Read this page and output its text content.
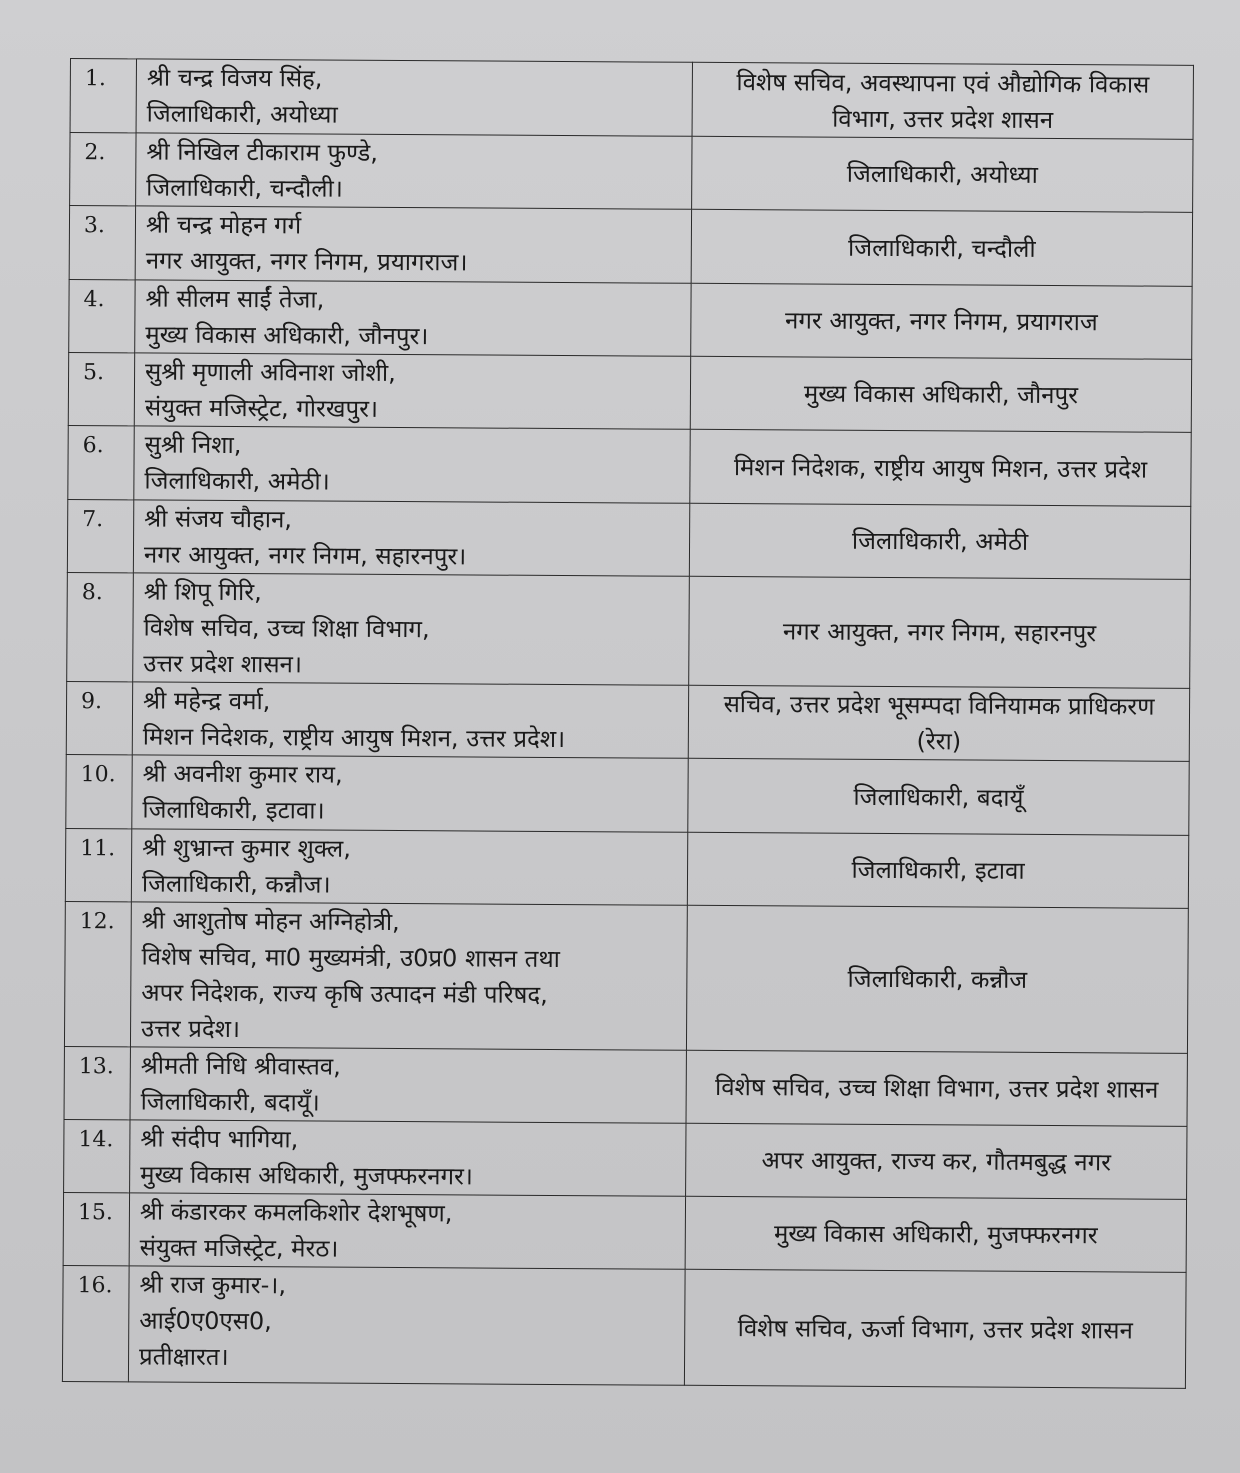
1.	श्री चन्द्र विजय सिंह,
जिलाधिकारी, अयोध्या	विशेष सचिव, अवस्थापना एवं औद्योगिक विकास विभाग, उत्तर प्रदेश शासन
2.	श्री निखिल टीकाराम फुण्डे,
जिलाधिकारी, चन्दौली।	जिलाधिकारी, अयोध्या
3.	श्री चन्द्र मोहन गर्ग
नगर आयुक्त, नगर निगम, प्रयागराज।	जिलाधिकारी, चन्दौली
4.	श्री सीलम साईं तेजा,
मुख्य विकास अधिकारी, जौनपुर।	नगर आयुक्त, नगर निगम, प्रयागराज
5.	सुश्री मृणाली अविनाश जोशी,
संयुक्त मजिस्ट्रेट, गोरखपुर।	मुख्य विकास अधिकारी, जौनपुर
6.	सुश्री निशा,
जिलाधिकारी, अमेठी।	मिशन निदेशक, राष्ट्रीय आयुष मिशन, उत्तर प्रदेश
7.	श्री संजय चौहान,
नगर आयुक्त, नगर निगम, सहारनपुर।	जिलाधिकारी, अमेठी
8.	श्री शिपू गिरि,
विशेष सचिव, उच्च शिक्षा विभाग,
उत्तर प्रदेश शासन।	नगर आयुक्त, नगर निगम, सहारनपुर
9.	श्री महेन्द्र वर्मा,
मिशन निदेशक, राष्ट्रीय आयुष मिशन, उत्तर प्रदेश।	सचिव, उत्तर प्रदेश भूसम्पदा विनियामक प्राधिकरण (रेरा)
10.	श्री अवनीश कुमार राय,
जिलाधिकारी, इटावा।	जिलाधिकारी, बदायूँ
11.	श्री शुभ्रान्त कुमार शुक्ल,
जिलाधिकारी, कन्नौज।	जिलाधिकारी, इटावा
12.	श्री आशुतोष मोहन अग्निहोत्री,
विशेष सचिव, मा0 मुख्यमंत्री, उ0प्र0 शासन तथा
अपर निदेशक, राज्य कृषि उत्पादन मंडी परिषद,
उत्तर प्रदेश।	जिलाधिकारी, कन्नौज
13.	श्रीमती निधि श्रीवास्तव,
जिलाधिकारी, बदायूँ।	विशेष सचिव, उच्च शिक्षा विभाग, उत्तर प्रदेश शासन
14.	श्री संदीप भागिया,
मुख्य विकास अधिकारी, मुजफ्फरनगर।	अपर आयुक्त, राज्य कर, गौतमबुद्ध नगर
15.	श्री कंडारकर कमलकिशोर देशभूषण,
संयुक्त मजिस्ट्रेट, मेरठ।	मुख्य विकास अधिकारी, मुजफ्फरनगर
16.	श्री राज कुमार-।,
आई0ए0एस0,
प्रतीक्षारत।	विशेष सचिव, ऊर्जा विभाग, उत्तर प्रदेश शासन
